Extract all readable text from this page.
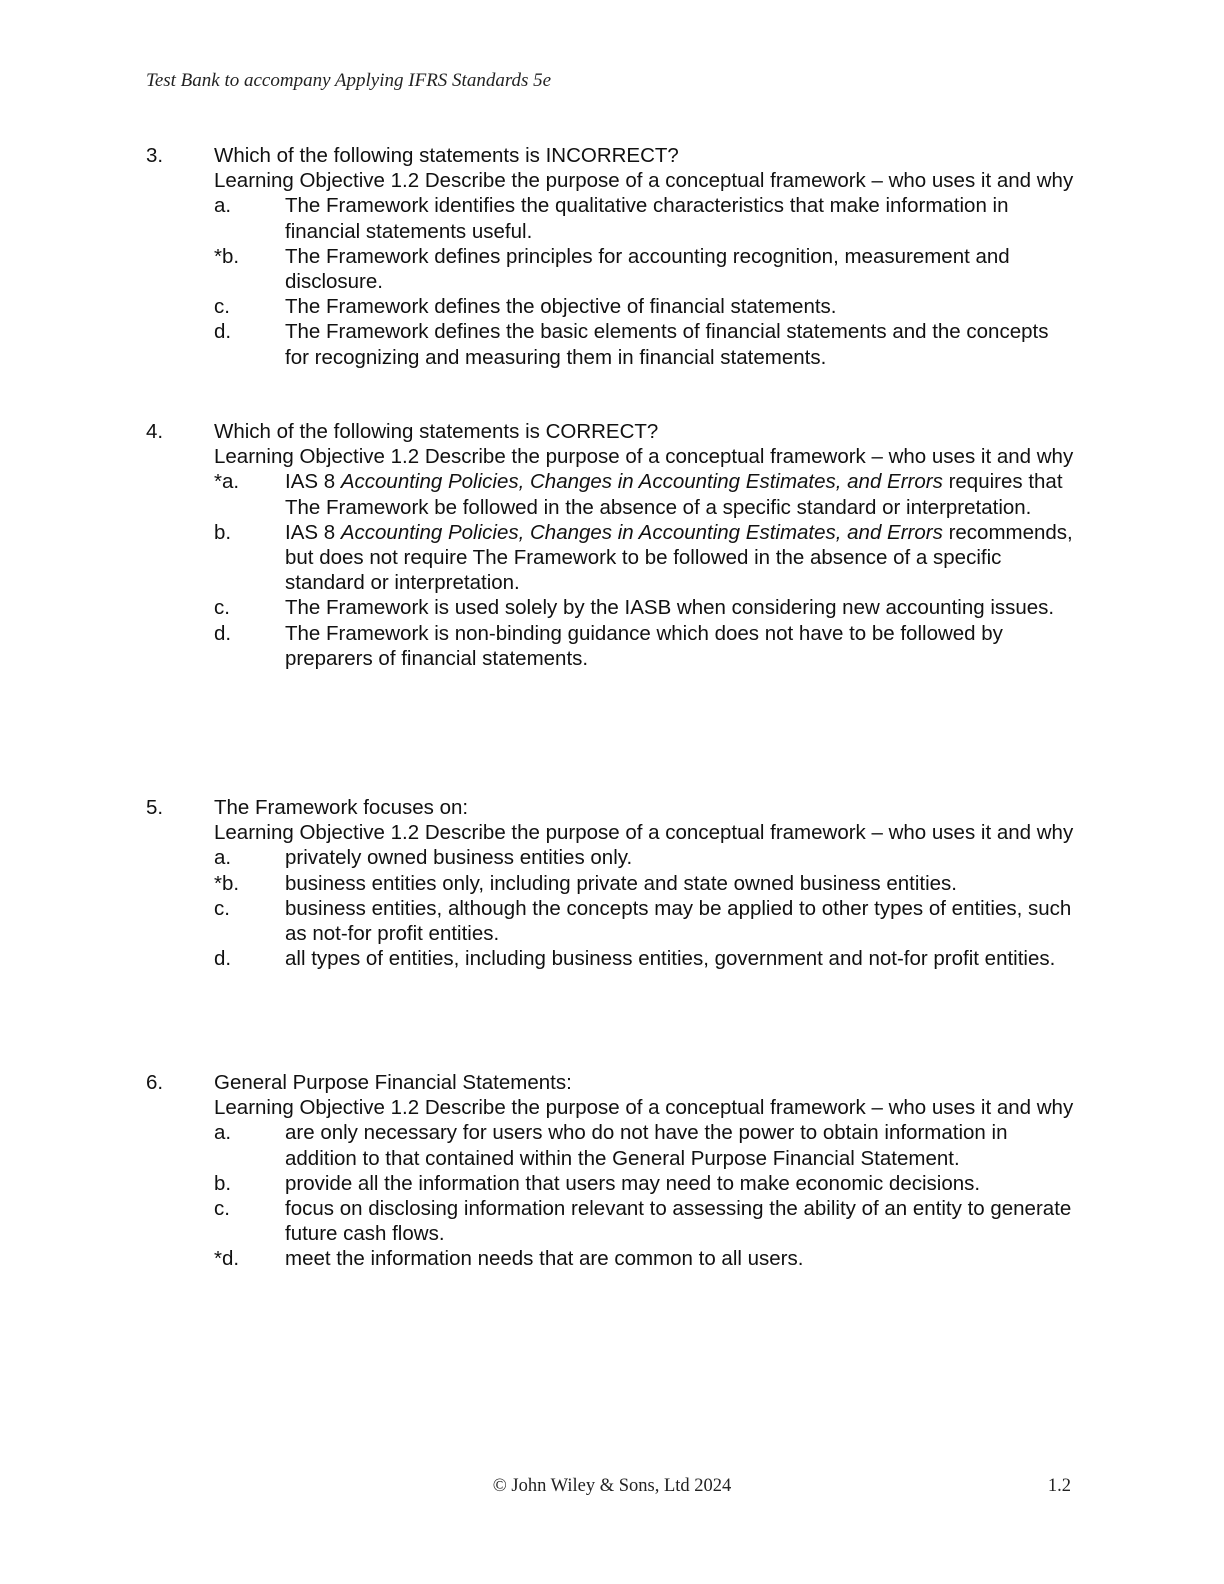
Test Bank to accompany Applying IFRS Standards 5e
3. Which of the following statements is INCORRECT?
Learning Objective 1.2 Describe the purpose of a conceptual framework – who uses it and why
a.	The Framework identifies the qualitative characteristics that make information in financial statements useful.
*b. The Framework defines principles for accounting recognition, measurement and disclosure.
c.	The Framework defines the objective of financial statements.
d.	The Framework defines the basic elements of financial statements and the concepts for recognizing and measuring them in financial statements.
4. Which of the following statements is CORRECT?
Learning Objective 1.2 Describe the purpose of a conceptual framework – who uses it and why
*a. IAS 8 Accounting Policies, Changes in Accounting Estimates, and Errors requires that The Framework be followed in the absence of a specific standard or interpretation.
b.	IAS 8 Accounting Policies, Changes in Accounting Estimates, and Errors recommends, but does not require The Framework to be followed in the absence of a specific standard or interpretation.
c.	The Framework is used solely by the IASB when considering new accounting issues.
d.	The Framework is non-binding guidance which does not have to be followed by preparers of financial statements.
5. The Framework focuses on:
Learning Objective 1.2 Describe the purpose of a conceptual framework – who uses it and why
a.	privately owned business entities only.
*b. business entities only, including private and state owned business entities.
c.	business entities, although the concepts may be applied to other types of entities, such as not-for profit entities.
d.	all types of entities, including business entities, government and not-for profit entities.
6. General Purpose Financial Statements:
Learning Objective 1.2 Describe the purpose of a conceptual framework – who uses it and why
a.	are only necessary for users who do not have the power to obtain information in addition to that contained within the General Purpose Financial Statement.
b.	provide all the information that users may need to make economic decisions.
c.	focus on disclosing information relevant to assessing the ability of an entity to generate future cash flows.
*d. meet the information needs that are common to all users.
© John Wiley & Sons, Ltd 2024	1.2
